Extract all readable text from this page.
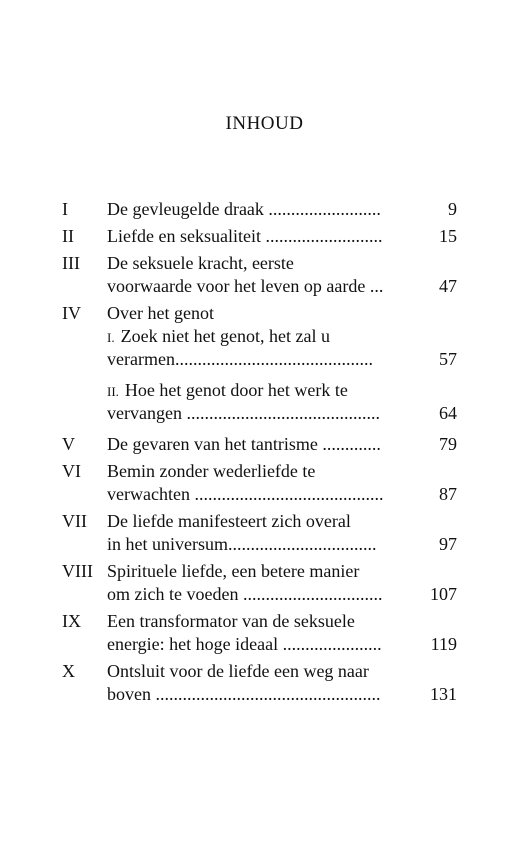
INHOUD
I De gevleugelde draak .........................	9
II Liefde en seksualiteit ..........................	15
III De seksuele kracht, eerste
voorwaarde voor het leven op aarde ...	47
IV Over het genot
I. Zoek niet het genot, het zal u
verarmen............................................	57
II. Hoe het genot door het werk te
vervangen ...........................................	64
V De gevaren van het tantrisme .............	79
VI Bemin zonder wederliefde te
verwachten ..........................................	87
VII De liefde manifesteert zich overal
in het universum.................................	97
VIII Spirituele liefde, een betere manier
om zich te voeden ...............................	107
IX Een transformator van de seksuele
energie: het hoge ideaal ......................	119
X Ontsluit voor de liefde een weg naar
boven ..................................................	131
